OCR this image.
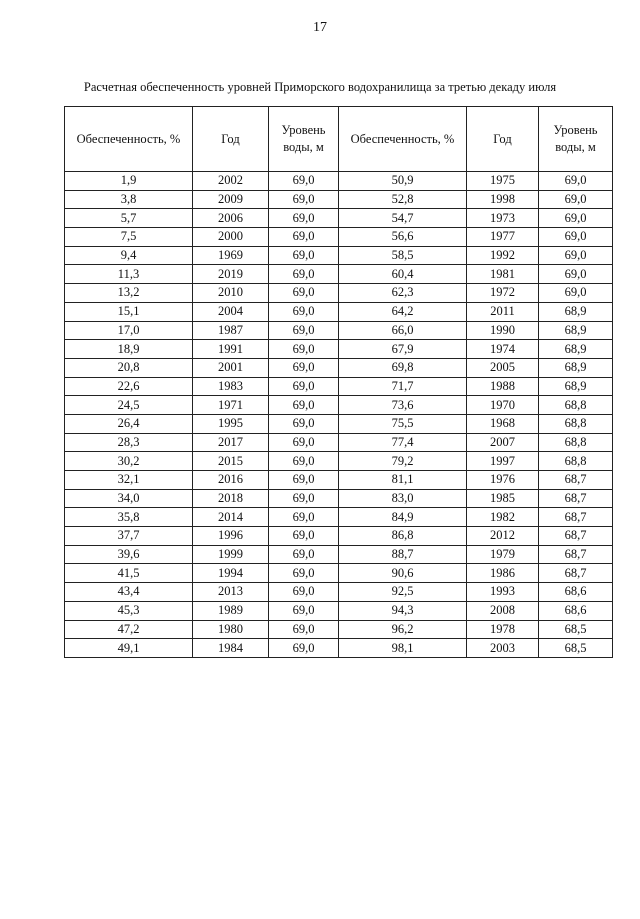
17
Расчетная обеспеченность уровней Приморского водохранилища за третью декаду июля
Обеспеченность, %	Год	Уровень воды, м	Обеспеченность, %	Год	Уровень воды, м
1,9	2002	69,0	50,9	1975	69,0
3,8	2009	69,0	52,8	1998	69,0
5,7	2006	69,0	54,7	1973	69,0
7,5	2000	69,0	56,6	1977	69,0
9,4	1969	69,0	58,5	1992	69,0
11,3	2019	69,0	60,4	1981	69,0
13,2	2010	69,0	62,3	1972	69,0
15,1	2004	69,0	64,2	2011	68,9
17,0	1987	69,0	66,0	1990	68,9
18,9	1991	69,0	67,9	1974	68,9
20,8	2001	69,0	69,8	2005	68,9
22,6	1983	69,0	71,7	1988	68,9
24,5	1971	69,0	73,6	1970	68,8
26,4	1995	69,0	75,5	1968	68,8
28,3	2017	69,0	77,4	2007	68,8
30,2	2015	69,0	79,2	1997	68,8
32,1	2016	69,0	81,1	1976	68,7
34,0	2018	69,0	83,0	1985	68,7
35,8	2014	69,0	84,9	1982	68,7
37,7	1996	69,0	86,8	2012	68,7
39,6	1999	69,0	88,7	1979	68,7
41,5	1994	69,0	90,6	1986	68,7
43,4	2013	69,0	92,5	1993	68,6
45,3	1989	69,0	94,3	2008	68,6
47,2	1980	69,0	96,2	1978	68,5
49,1	1984	69,0	98,1	2003	68,5
